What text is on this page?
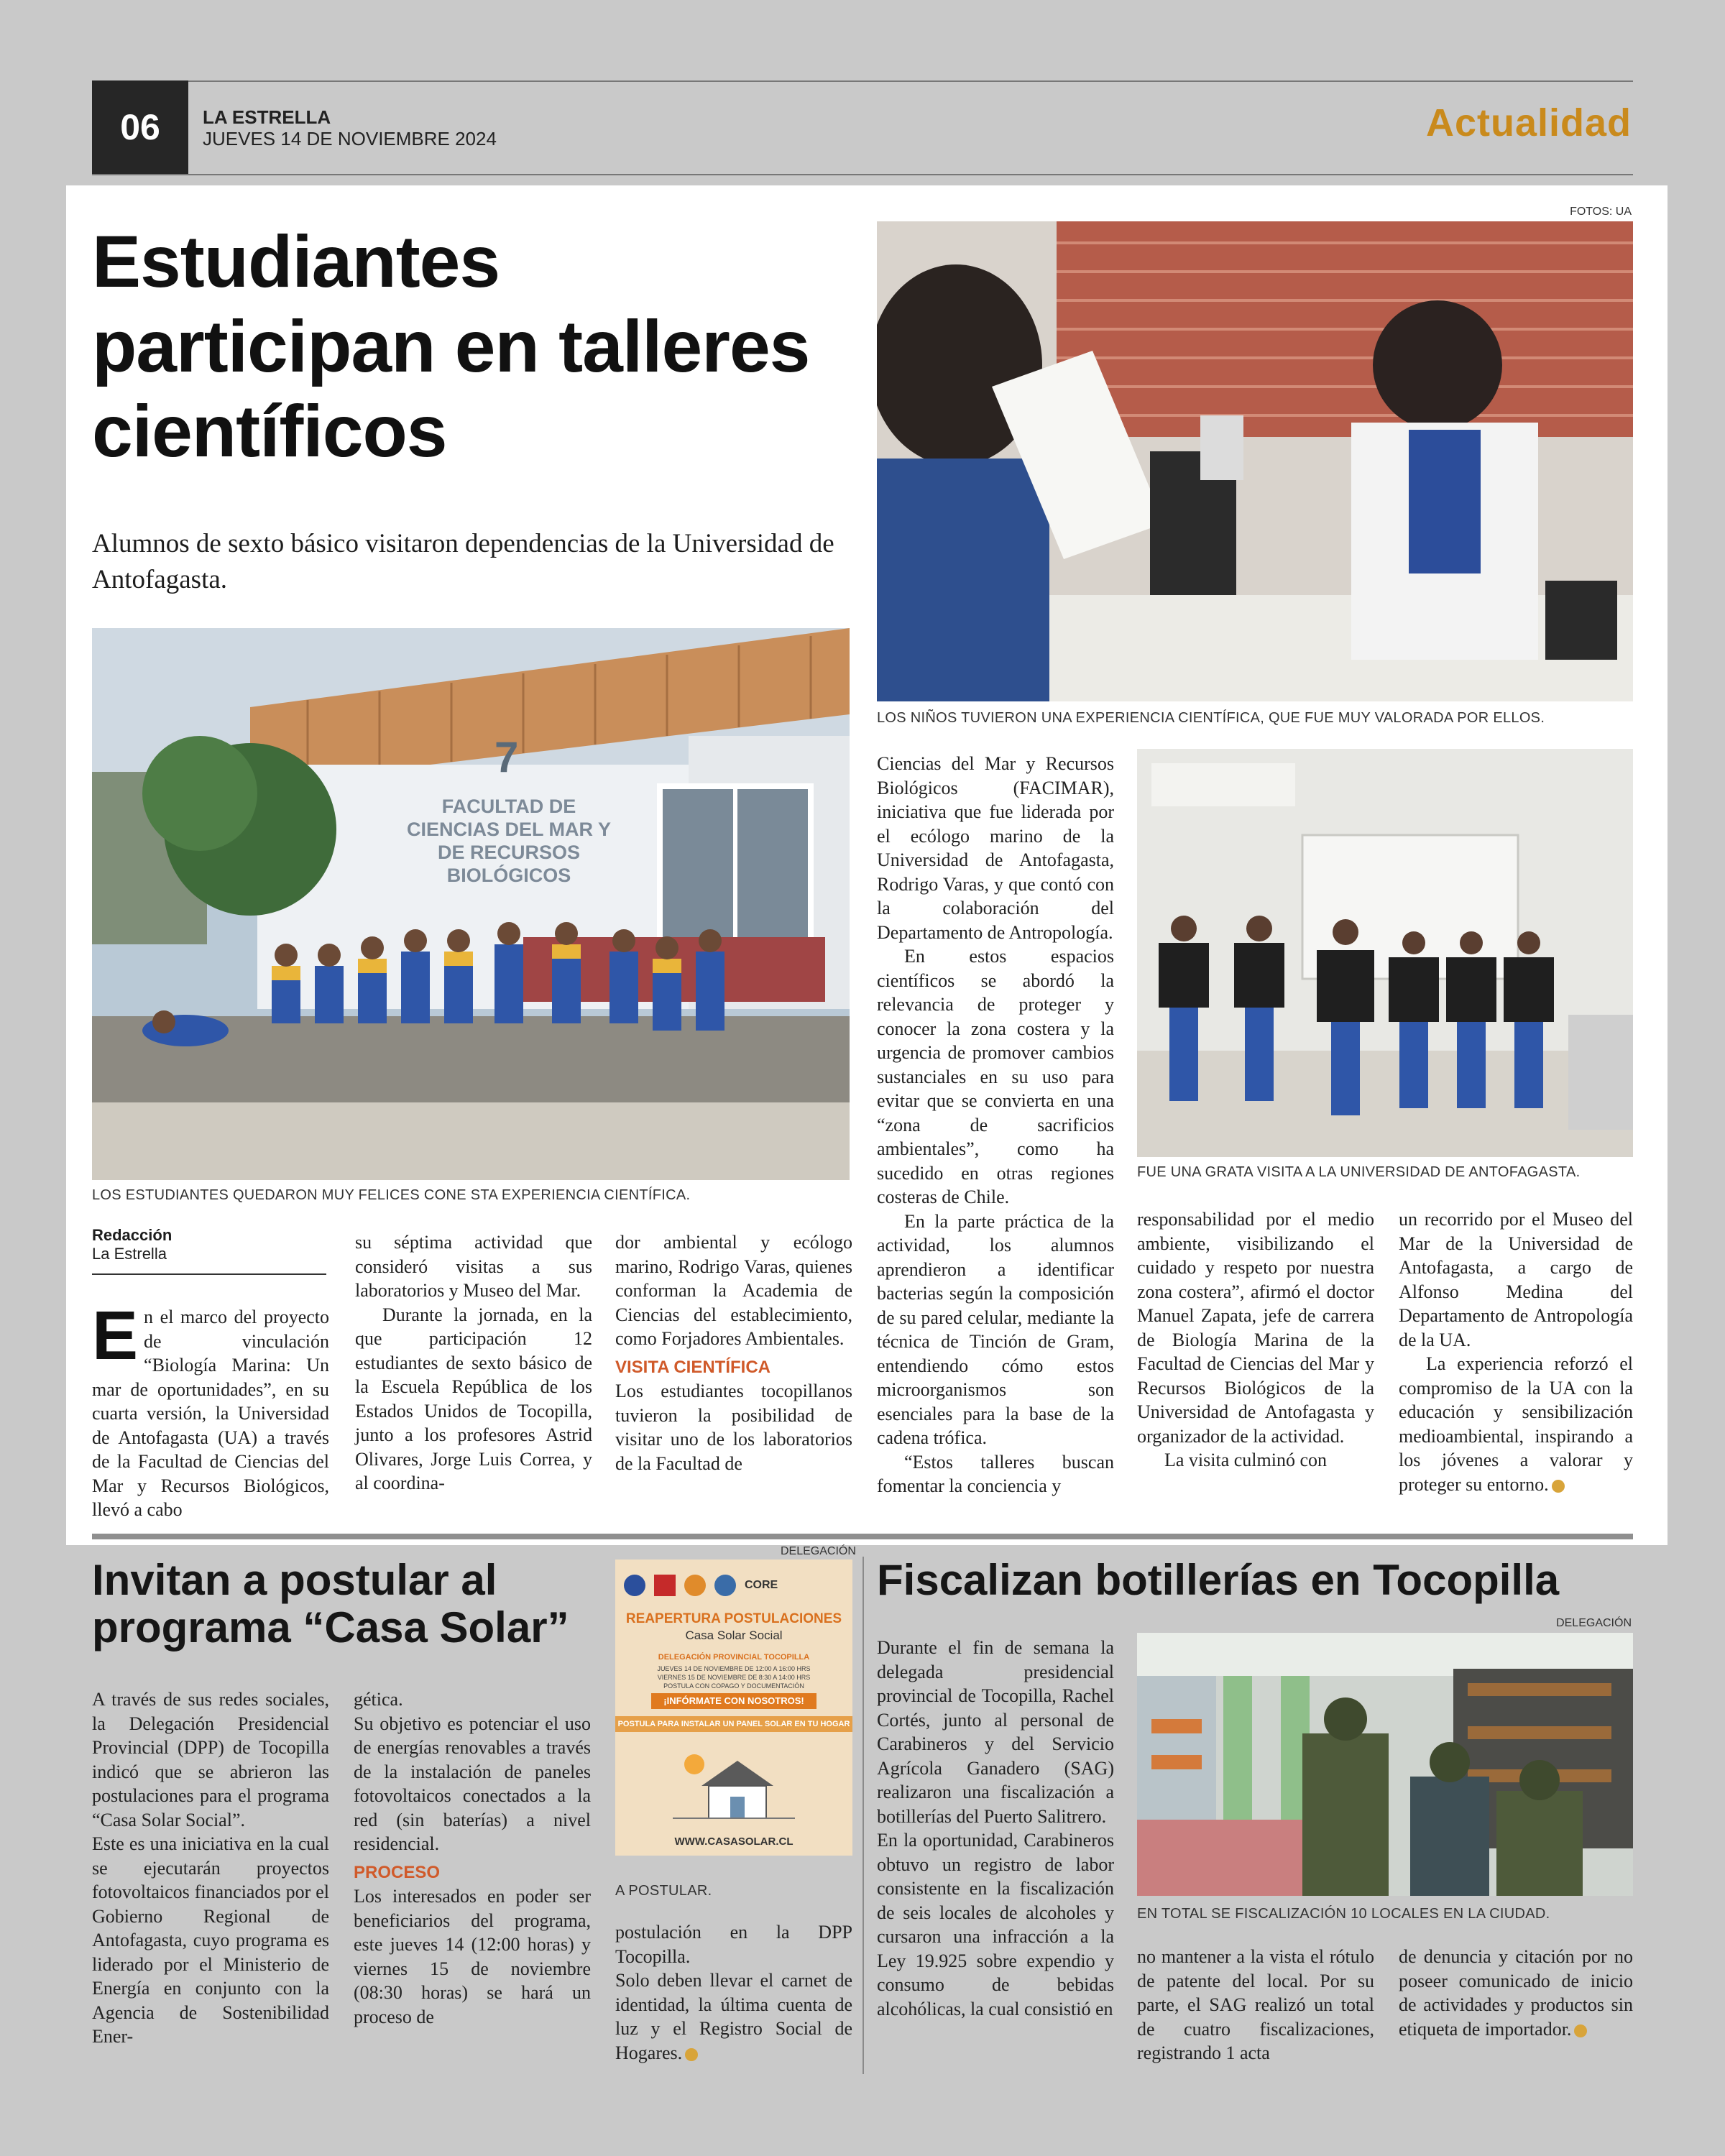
06	LA ESTRELLA
JUEVES 14 DE NOVIEMBRE 2024	Actualidad
Estudiantes participan en talleres científicos
Alumnos de sexto básico visitaron dependencias de la Universidad de Antofagasta.
7
FACULTAD DE CIENCIAS DEL MAR Y DE RECURSOS BIOLÓGICOS
LOS ESTUDIANTES QUEDARON MUY FELICES CONE STA EXPERIENCIA CIENTÍFICA.
FOTOS: UA
LOS NIÑOS TUVIERON UNA EXPERIENCIA CIENTÍFICA, QUE FUE MUY VALORADA POR ELLOS.
FUE UNA GRATA VISITA A LA UNIVERSIDAD DE ANTOFAGASTA.
Redacción
La Estrella

En el marco del proyecto de vinculación “Biología Marina: Un mar de oportunidades”, en su cuarta versión, la Universidad de Antofagasta (UA) a través de la Facultad de Ciencias del Mar y Recursos Biológicos, llevó a cabo

su séptima actividad que consideró visitas a sus laboratorios y Museo del Mar.

Durante la jornada, en la que participación 12 estudiantes de sexto básico de la Escuela República de los Estados Unidos de Tocopilla, junto a los profesores Astrid Olivares, Jorge Luis Correa, y al coordina-

dor ambiental y ecólogo marino, Rodrigo Varas, quienes conforman la Academia de Ciencias del establecimiento, como Forjadores Ambientales.

VISITA CIENTÍFICA

Los estudiantes tocopillanos tuvieron la posibilidad de visitar uno de los laboratorios de la Facultad de

Ciencias del Mar y Recursos Biológicos (FACIMAR), iniciativa que fue liderada por el ecólogo marino de la Universidad de Antofagasta, Rodrigo Varas, y que contó con la colaboración del Departamento de Antropología.

En estos espacios científicos se abordó la relevancia de proteger y conocer la zona costera y la urgencia de promover cambios sustanciales en su uso para evitar que se convierta en una “zona de sacrificios ambientales”, como ha sucedido en otras regiones costeras de Chile.

En la parte práctica de la actividad, los alumnos aprendieron a identificar bacterias según la composición de su pared celular, mediante la técnica de Tinción de Gram, entendiendo cómo estos microorganismos son esenciales para la base de la cadena trófica.

“Estos talleres buscan fomentar la conciencia y

responsabilidad por el medio ambiente, visibilizando el cuidado y respeto por nuestra zona costera”, afirmó el doctor Manuel Zapata, jefe de carrera de Biología Marina de la Facultad de Ciencias del Mar y Recursos Biológicos de la Universidad de Antofagasta y organizador de la actividad.

La visita culminó con

un recorrido por el Museo del Mar de la Universidad de Antofagasta, a cargo de Alfonso Medina del Departamento de Antropología de la UA.

La experiencia reforzó el compromiso de la UA con la educación y sensibilización medioambiental, inspirando a los jóvenes a valorar y proteger su entorno.

Invitan a postular al programa “Casa Solar”

A través de sus redes sociales, la Delegación Presidencial Provincial (DPP) de Tocopilla indicó que se abrieron las postulaciones para el programa “Casa Solar Social”.

Este es una iniciativa en la cual se ejecutarán proyectos fotovoltaicos financiados por el Gobierno Regional de Antofagasta, cuyo programa es liderado por el Ministerio de Energía en conjunto con la Agencia de Sostenibilidad Ener-

gética.

Su objetivo es potenciar el uso de energías renovables a través de la instalación de paneles fotovoltaicos conectados a la red (sin baterías) a nivel residencial.

PROCESO

Los interesados en poder ser beneficiarios del programa, este jueves 14 (12:00 horas) y viernes 15 de noviembre (08:30 horas) se hará un proceso de

DELEGACIÓN
CORE
REAPERTURA POSTULACIONES
Casa Solar Social
DELEGACIÓN PROVINCIAL TOCOPILLA
JUEVES 14 DE NOVIEMBRE DE 12:00 A 16:00 HRS
VIERNES 15 DE NOVIEMBRE DE 8:30 A 14:00 HRS
POSTULA CON COPAGO Y DOCUMENTACIÓN
¡INFÓRMATE CON NOSOTROS!
POSTULA PARA INSTALAR UN PANEL SOLAR EN TU HOGAR
WWW.CASASOLAR.CL
A POSTULAR.

postulación en la DPP Tocopilla.

Solo deben llevar el carnet de identidad, la última cuenta de luz y el Registro Social de Hogares.

Fiscalizan botillerías en Tocopilla

Durante el fin de semana la delegada presidencial provincial de Tocopilla, Rachel Cortés, junto al personal de Carabineros y del Servicio Agrícola Ganadero (SAG) realizaron una fiscalización a botillerías del Puerto Salitrero.

En la oportunidad, Carabineros obtuvo un registro de labor consistente en la fiscalización de seis locales de alcoholes y cursaron una infracción a la Ley 19.925 sobre expendio y consumo de bebidas alcohólicas, la cual consistió en

DELEGACIÓN
EN TOTAL SE FISCALIZACIÓN 10 LOCALES EN LA CIUDAD.

no mantener a la vista el rótulo de patente del local. Por su parte, el SAG realizó un total de cuatro fiscalizaciones, registrando 1 acta

de denuncia y citación por no poseer comunicado de inicio de actividades y productos sin etiqueta de importador.
